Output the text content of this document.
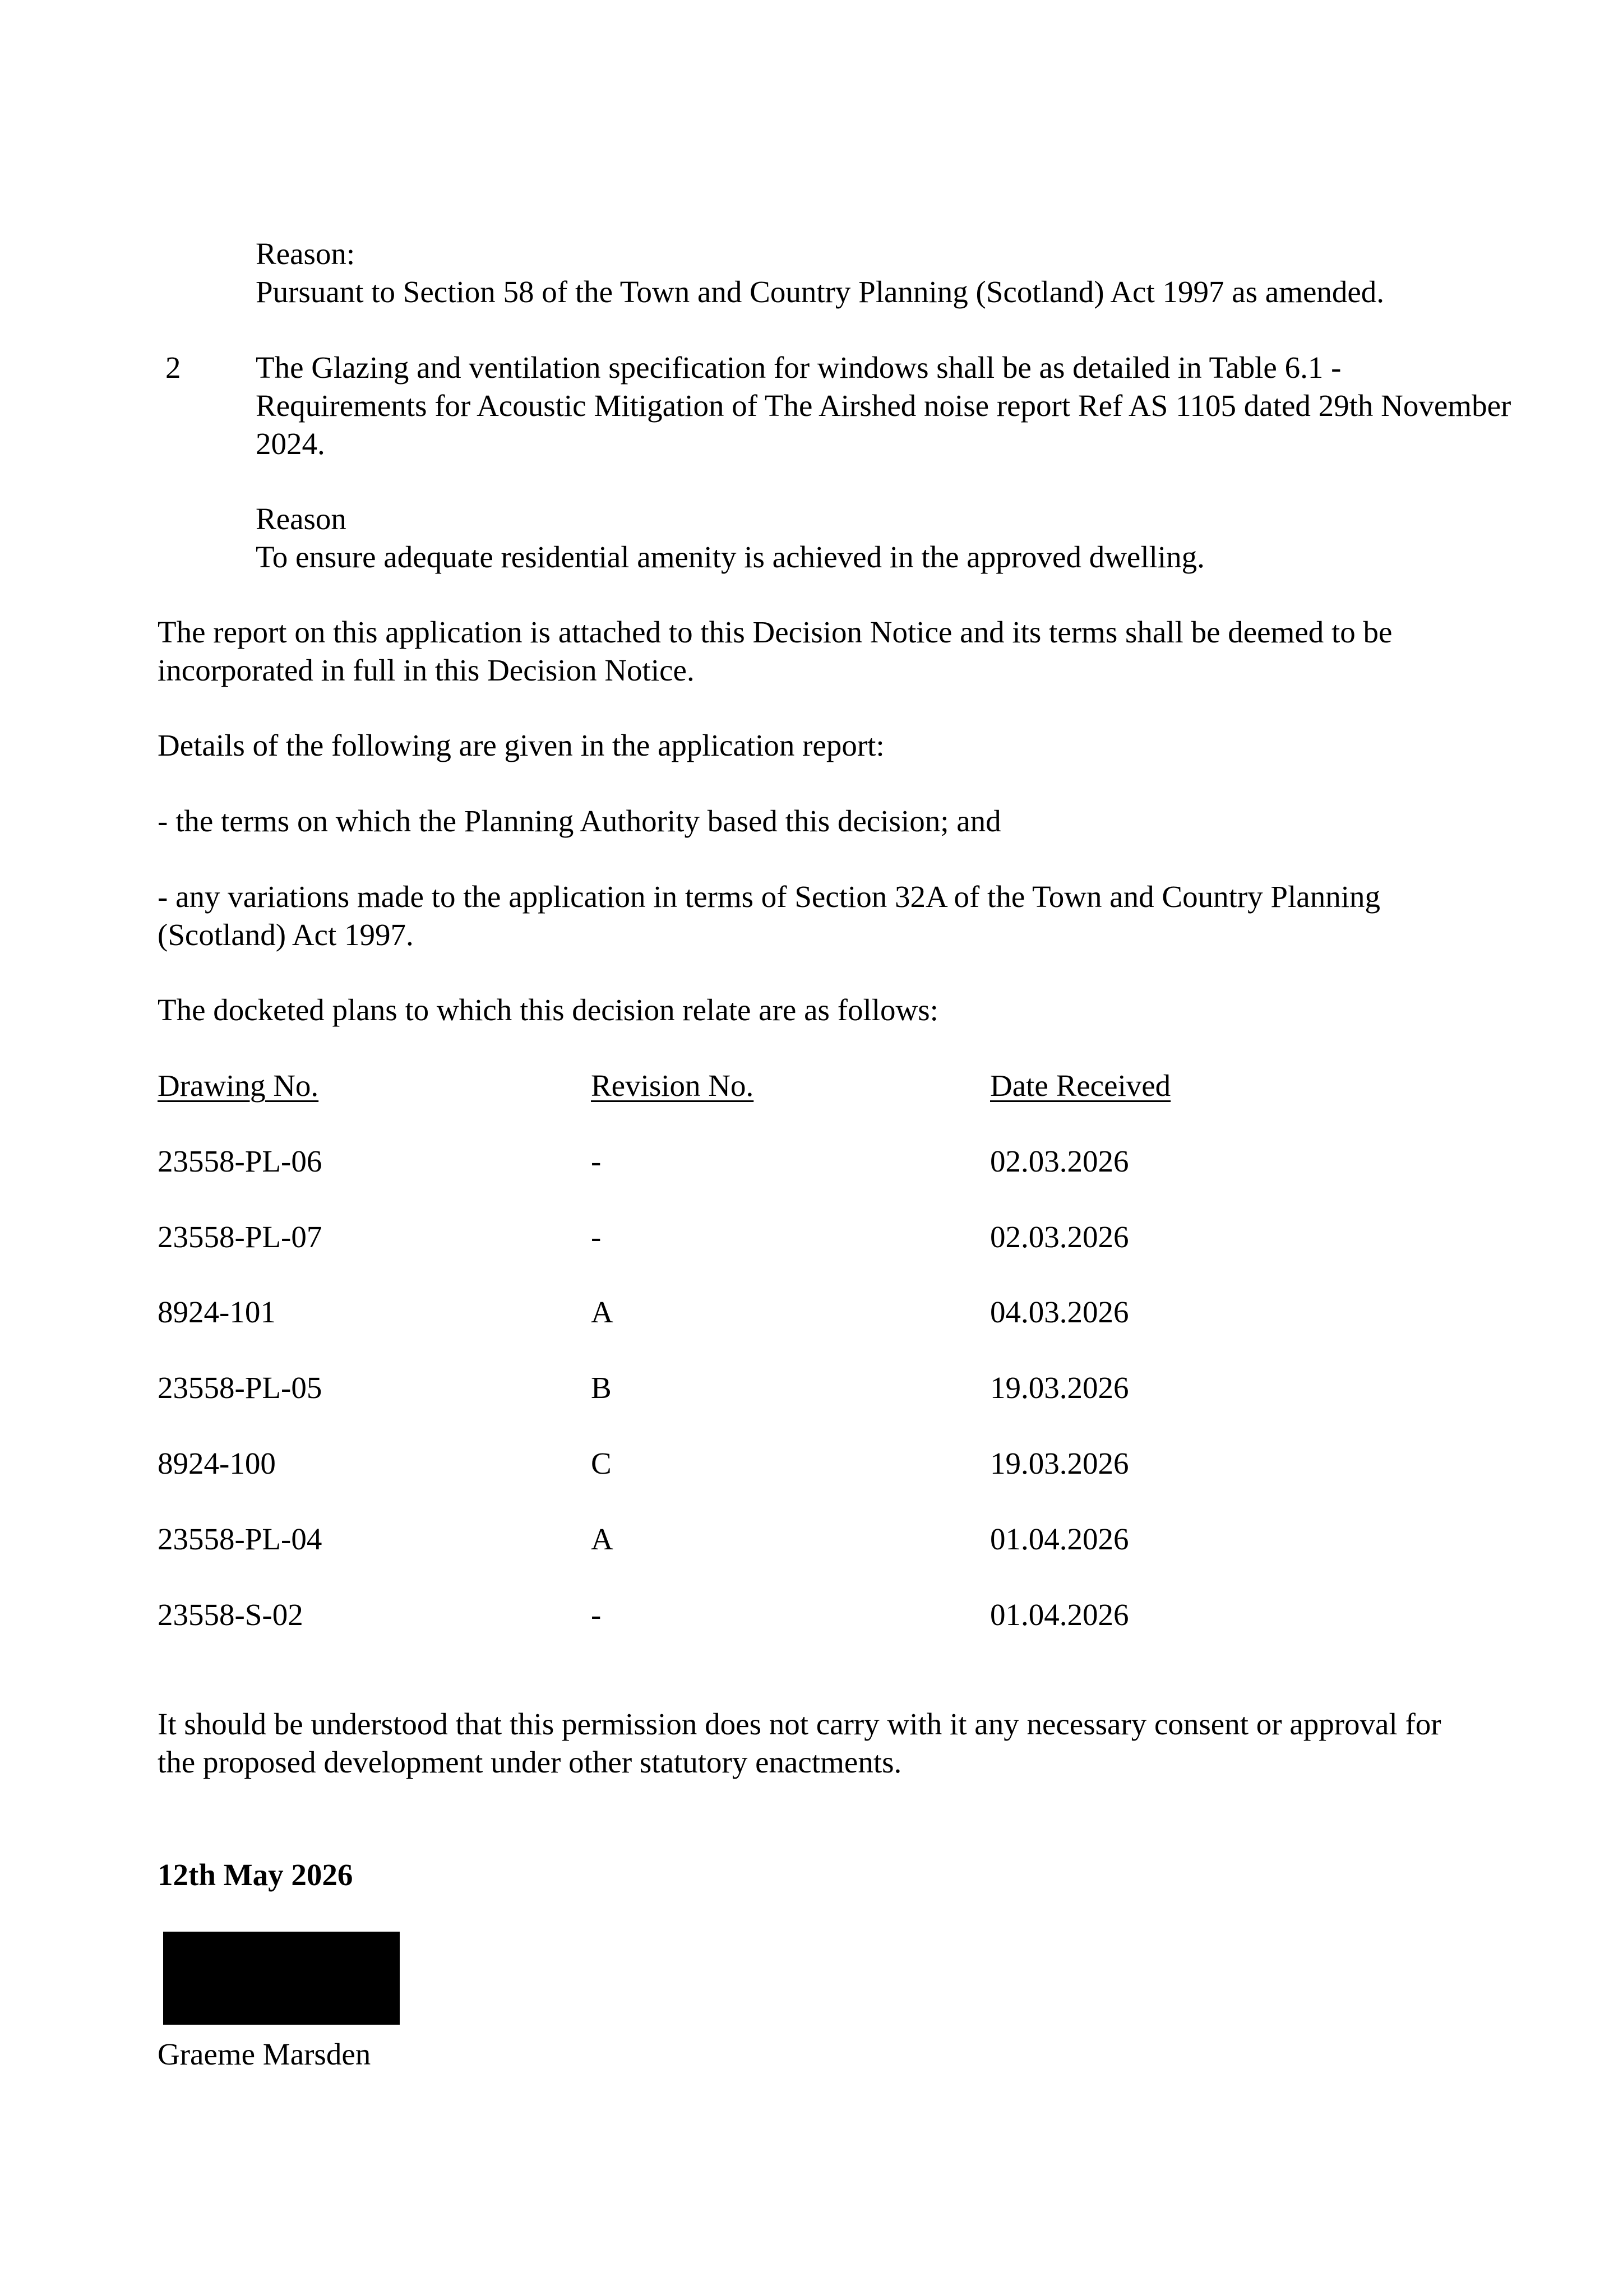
Reason:

Pursuant to Section 58 of the Town and Country Planning (Scotland) Act 1997 as amended.

2 The Glazing and ventilation specification for windows shall be as detailed in Table 6.1 - Requirements for Acoustic Mitigation of The Airshed noise report Ref AS 1105 dated 29th November 2024.

Reason

To ensure adequate residential amenity is achieved in the approved dwelling.

The report on this application is attached to this Decision Notice and its terms shall be deemed to be incorporated in full in this Decision Notice.

Details of the following are given in the application report:

- the terms on which the Planning Authority based this decision; and

- any variations made to the application in terms of Section 32A of the Town and Country Planning (Scotland) Act 1997.

The docketed plans to which this decision relate are as follows:

Drawing No.	Revision No.	Date Received
23558-PL-06	-	02.03.2026
23558-PL-07	-	02.03.2026
8924-101	A	04.03.2026
23558-PL-05	B	19.03.2026
8924-100	C	19.03.2026
23558-PL-04	A	01.04.2026
23558-S-02	-	01.04.2026

It should be understood that this permission does not carry with it any necessary consent or approval for the proposed development under other statutory enactments.

12th May 2026

Graeme Marsden
